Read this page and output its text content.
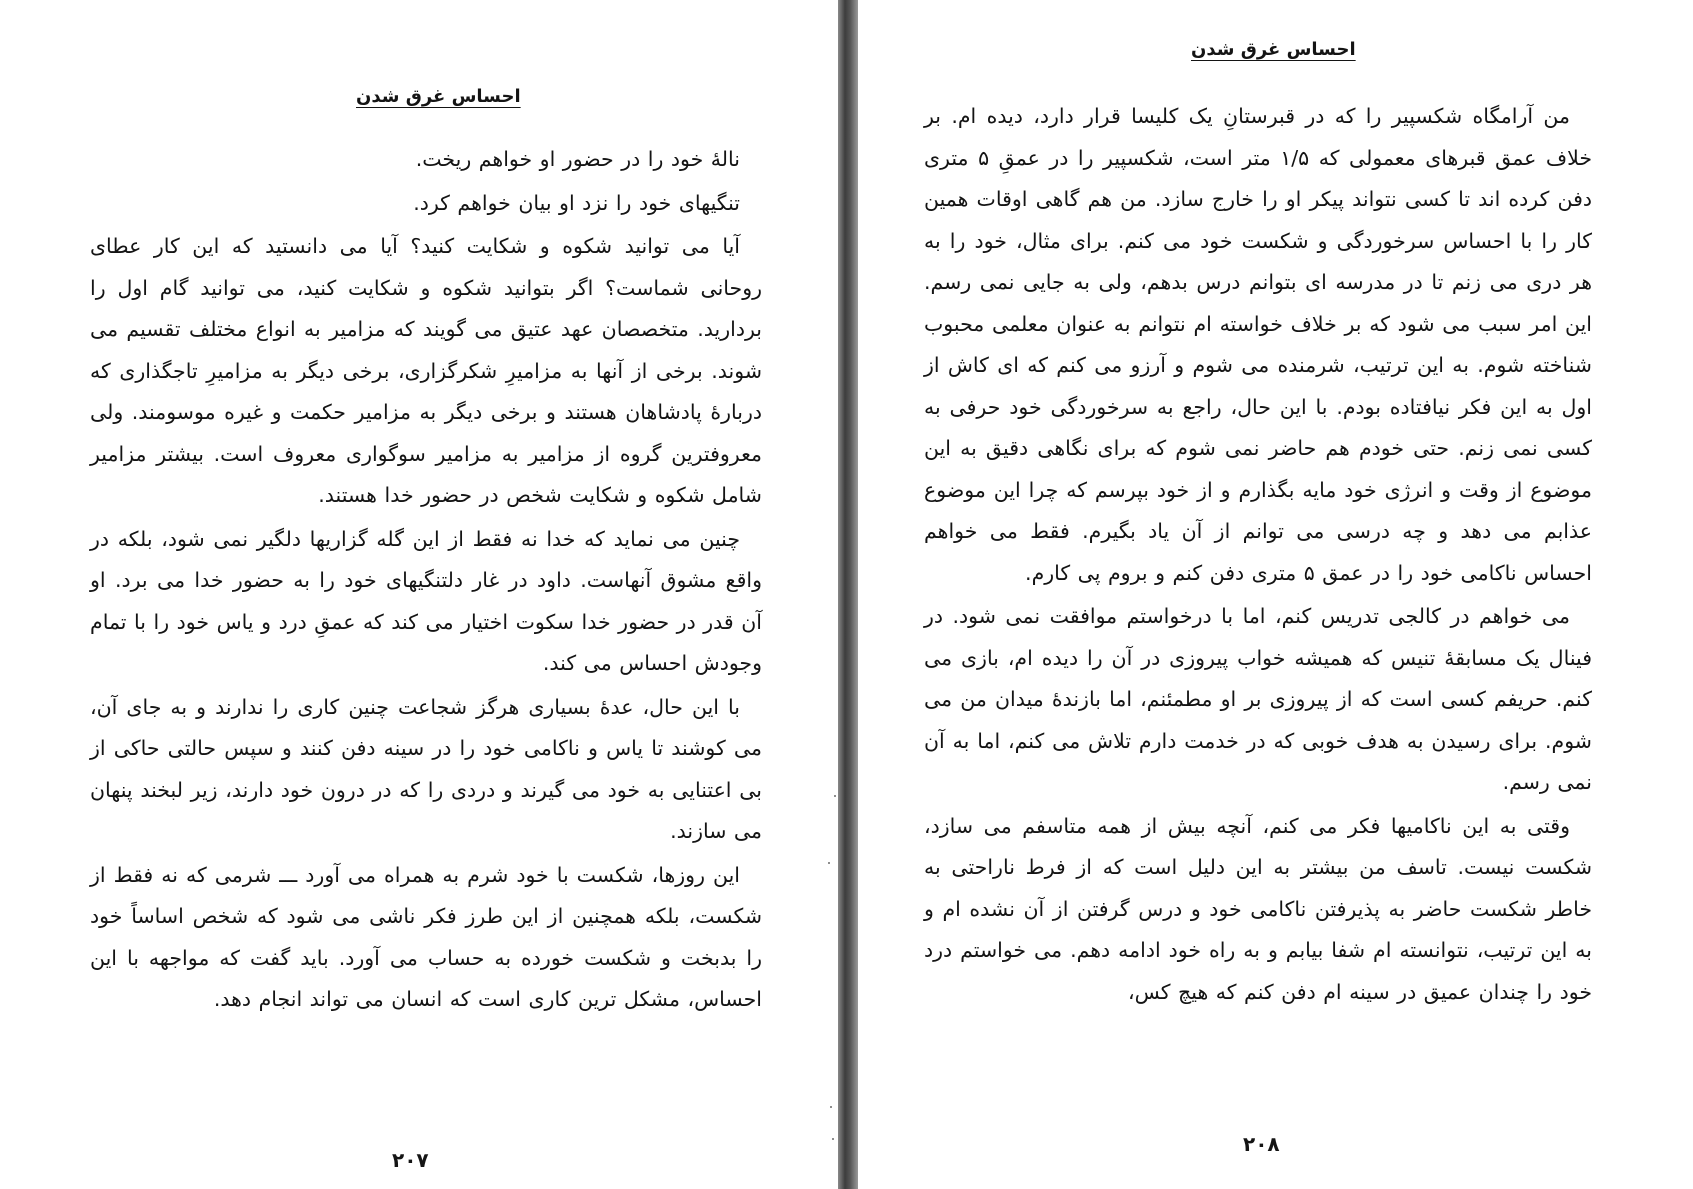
احساس غرق شدن

نالهٔ خود را در حضور او خواهم ریخت.

تنگیهای خود را نزد او بیان خواهم کرد.

آیا می توانید شکوه و شکایت کنید؟ آیا می دانستید که این کار عطای روحانی شماست؟ اگر بتوانید شکوه و شکایت کنید، می توانید گام اول را بردارید. متخصصان عهد عتیق می گویند که مزامیر به انواع مختلف تقسیم می شوند. برخی از آنها به مزامیرِ شکرگزاری، برخی دیگر به مزامیرِ تاجگذاری که دربارهٔ پادشاهان هستند و برخی دیگر به مزامیر حکمت و غیره موسومند. ولی معروفترین گروه از مزامیر به مزامیر سوگواری معروف است. بیشتر مزامیر شامل شکوه و شکایت شخص در حضور خدا هستند.

چنین می نماید که خدا نه فقط از این گله گزاریها دلگیر نمی شود، بلکه در واقع مشوق آنهاست. داود در غار دلتنگیهای خود را به حضور خدا می برد. او آن قدر در حضور خدا سکوت اختیار می کند که عمقِ درد و یاس خود را با تمام وجودش احساس می کند.

با این حال، عدهٔ بسیاری هرگز شجاعت چنین کاری را ندارند و به جای آن، می کوشند تا یاس و ناکامی خود را در سینه دفن کنند و سپس حالتی حاکی از بی اعتنایی به خود می گیرند و دردی را که در درون خود دارند، زیر لبخند پنهان می سازند.

این روزها، شکست با خود شرم به همراه می آورد ـــ شرمی که نه فقط از شکست، بلکه همچنین از این طرز فکر ناشی می شود که شخص اساساً خود را بدبخت و شکست خورده به حساب می آورد. باید گفت که مواجهه با این احساس، مشکل ترین کاری است که انسان می تواند انجام دهد.

۲۰۷
احساس غرق شدن

من آرامگاه شکسپیر را که در قبرستانِ یک کلیسا قرار دارد، دیده ام. بر خلاف عمق قبرهای معمولی که ۱/۵ متر است، شکسپیر را در عمقِ ۵ متری دفن کرده اند تا کسی نتواند پیکر او را خارج سازد. من هم گاهی اوقات همین کار را با احساس سرخوردگی و شکست خود می کنم. برای مثال، خود را به هر دری می زنم تا در مدرسه ای بتوانم درس بدهم، ولی به جایی نمی رسم. این امر سبب می شود که بر خلاف خواسته ام نتوانم به عنوان معلمی محبوب شناخته شوم. به این ترتیب، شرمنده می شوم و آرزو می کنم که ای کاش از اول به این فکر نیافتاده بودم. با این حال، راجع به سرخوردگی خود حرفی به کسی نمی زنم. حتی خودم هم حاضر نمی شوم که برای نگاهی دقیق به این موضوع از وقت و انرژی خود مایه بگذارم و از خود بپرسم که چرا این موضوع عذابم می دهد و چه درسی می توانم از آن یاد بگیرم. فقط می خواهم احساس ناکامی خود را در عمق ۵ متری دفن کنم و بروم پی کارم.

می خواهم در کالجی تدریس کنم، اما با درخواستم موافقت نمی شود. در فینال یک مسابقهٔ تنیس که همیشه خواب پیروزی در آن را دیده ام، بازی می کنم. حریفم کسی است که از پیروزی بر او مطمئنم، اما بازندهٔ میدان من می شوم. برای رسیدن به هدف خوبی که در خدمت دارم تلاش می کنم، اما به آن نمی رسم.

وقتی به این ناکامیها فکر می کنم، آنچه بیش از همه متاسفم می سازد، شکست نیست. تاسف من بیشتر به این دلیل است که از فرط ناراحتی به خاطر شکست حاضر به پذیرفتن ناکامی خود و درس گرفتن از آن نشده ام و به این ترتیب، نتوانسته ام شفا بیابم و به راه خود ادامه دهم. می خواستم درد خود را چندان عمیق در سینه ام دفن کنم که هیچ کس،

۲۰۸
